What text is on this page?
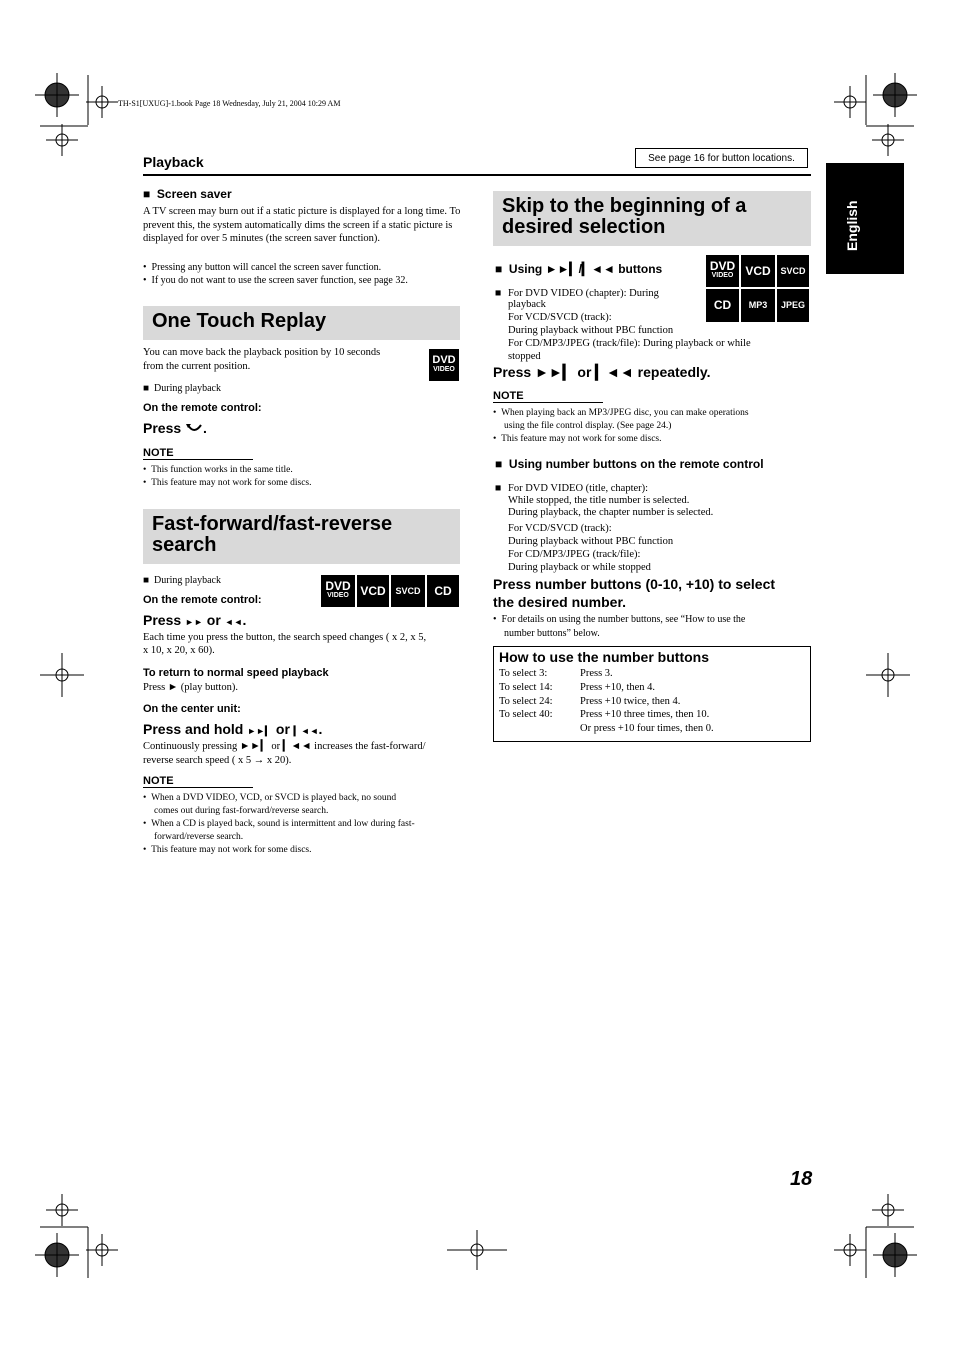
TH-S1[UXUG]-1.book Page 18 Wednesday, July 21, 2004 10:29 AM
Playback	See page 16 for button locations.
English
■ Screen saver
A TV screen may burn out if a static picture is displayed for a long time. To prevent this, the system automatically dims the screen if a static picture is displayed for over 5 minutes (the screen saver function).
•  Pressing any button will cancel the screen saver function.
•  If you do not want to use the screen saver function, see page 32.
One Touch Replay
You can move back the playback position by 10 seconds
from the current position.
DVD
VIDEO
■  During playback
On the remote control:
Press .
NOTE
•  This function works in the same title.
•  This feature may not work for some discs.
Fast-forward/fast-reverse
search
■  During playback	DVD
VIDEO VCD	SVCD	CD
On the remote control:
Press ►► or ◄◄.
Each time you press the button, the search speed changes ( x 2, x 5,
x 10, x 20, x 60).
To return to normal speed playback
Press ► (play button).
On the center unit:
Press and hold ►►▎ or ▎◄◄.
Continuously pressing ►►▎ or ▎◄◄ increases the fast-forward/
reverse search speed ( x 5 → x 20).
NOTE
•  When a DVD VIDEO, VCD, or SVCD is played back, no sound
comes out during fast-forward/reverse search.
•  When a CD is played back, sound is intermittent and low during fast-
forward/reverse search.
•  This feature may not work for some discs.
Skip to the beginning of a
desired selection
■ Using ►►▎/▎◄◄ buttons	DVD
VIDEO VCD	SVCD
CD	MP3	JPEG
■ For DVD VIDEO (chapter): During
playback
For VCD/SVCD (track):
During playback without PBC function
For CD/MP3/JPEG (track/file): During playback or while
stopped
Press ►►▎ or ▎◄◄ repeatedly.
NOTE
•  When playing back an MP3/JPEG disc, you can make operations
using the file control display. (See page 24.)
•  This feature may not work for some discs.
■ Using number buttons on the remote control
■ For DVD VIDEO (title, chapter):
While stopped, the title number is selected.
During playback, the chapter number is selected.
For VCD/SVCD (track):
During playback without PBC function
For CD/MP3/JPEG (track/file):
During playback or while stopped
Press number buttons (0-10, +10) to select
the desired number.
•  For details on using the number buttons, see “How to use the
number buttons” below.
How to use the number buttons
To select 3:	Press 3.
To select 14:	Press +10, then 4.
To select 24:	Press +10 twice, then 4.
To select 40:	Press +10 three times, then 10.
Or press +10 four times, then 0.
18
